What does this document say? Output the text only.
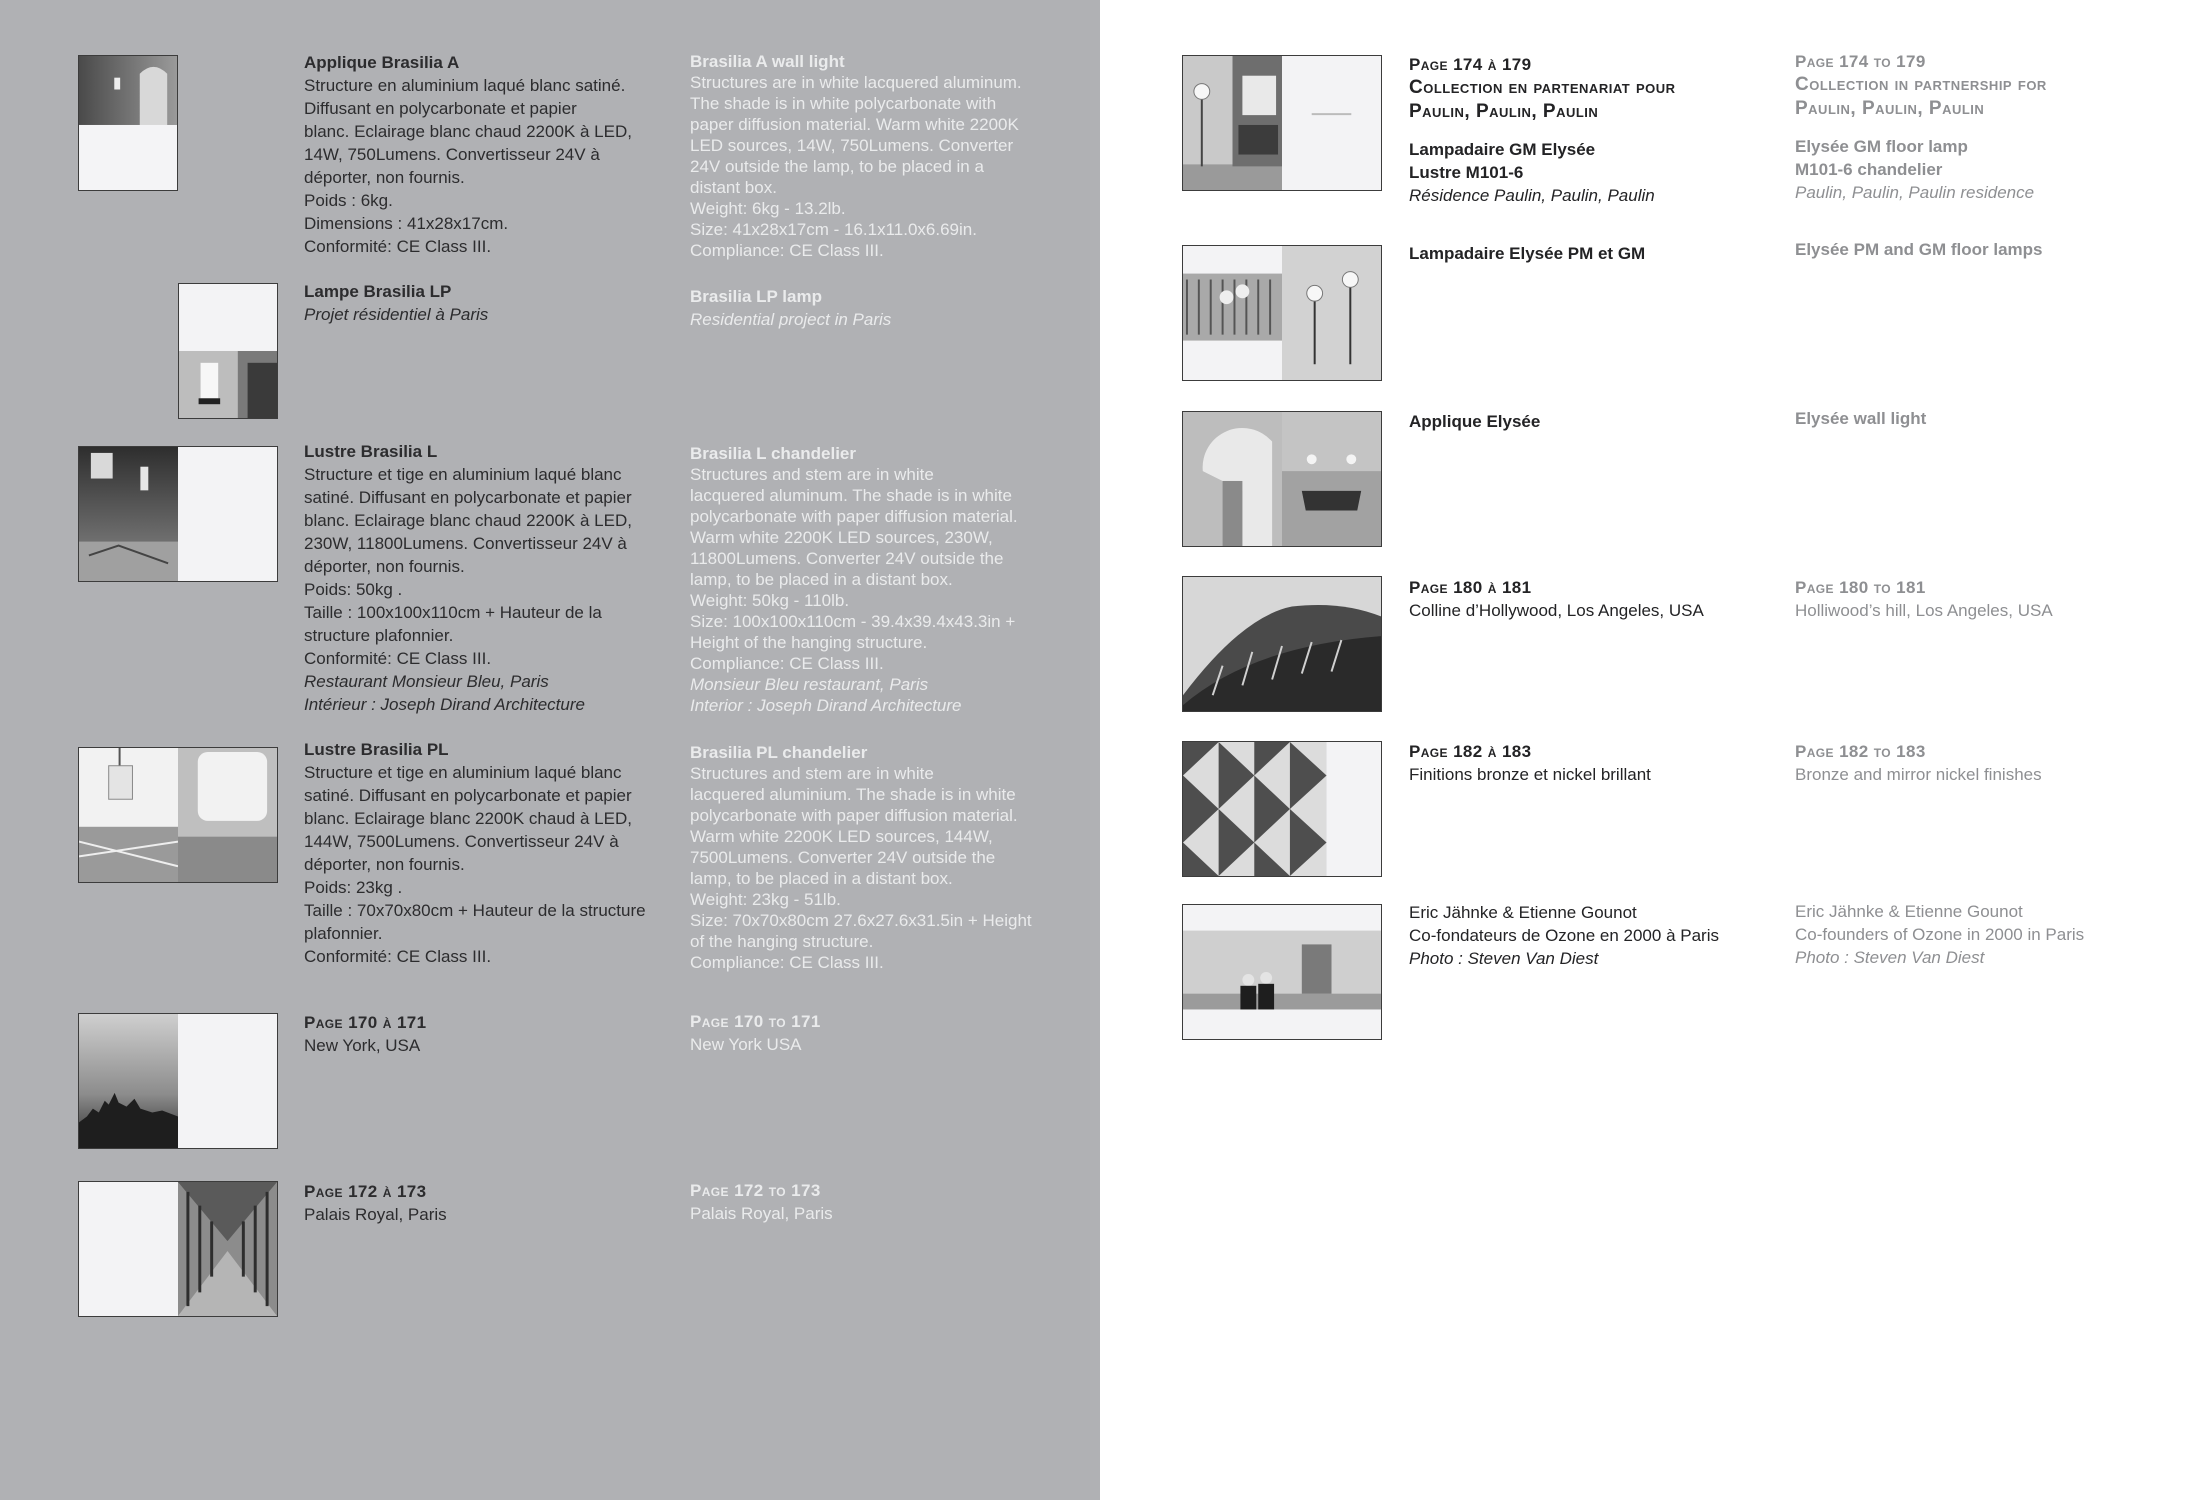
Applique Brasilia A
Structure en aluminium laqué blanc satiné.
Diffusant en polycarbonate et papier
blanc. Eclairage blanc chaud 2200K à LED,
14W, 750Lumens. Convertisseur 24V à
déporter, non fournis.
Poids : 6kg.
Dimensions : 41x28x17cm.
Conformité: CE Class III.
Brasilia A wall light
Structures are in white lacquered aluminum.
The shade is in white polycarbonate with
paper diffusion material. Warm white 2200K
LED sources, 14W, 750Lumens. Converter
24V outside the lamp, to be placed in a
distant box.
Weight: 6kg - 13.2lb.
Size: 41x28x17cm - 16.1x11.0x6.69in.
Compliance: CE Class III.
Lampe Brasilia LP
Projet résidentiel à Paris
Brasilia LP lamp
Residential project in Paris
Lustre Brasilia L
Structure et tige en aluminium laqué blanc
satiné. Diffusant en polycarbonate et papier
blanc. Eclairage blanc chaud 2200K à LED,
230W, 11800Lumens. Convertisseur 24V à
déporter, non fournis.
Poids: 50kg .
Taille : 100x100x110cm + Hauteur de la
structure plafonnier.
Conformité: CE Class III.
Restaurant Monsieur Bleu, Paris
Intérieur : Joseph Dirand Architecture
Brasilia L chandelier
Structures and stem are in white
lacquered aluminum. The shade is in white
polycarbonate with paper diffusion material.
Warm white 2200K LED sources, 230W,
11800Lumens. Converter 24V outside the
lamp, to be placed in a distant box.
Weight: 50kg - 110lb.
Size: 100x100x110cm - 39.4x39.4x43.3in +
Height of the hanging structure.
Compliance: CE Class III.
Monsieur Bleu restaurant, Paris
Interior : Joseph Dirand Architecture
Lustre Brasilia PL
Structure et tige en aluminium laqué blanc
satiné. Diffusant en polycarbonate et papier
blanc. Eclairage blanc 2200K chaud à LED,
144W, 7500Lumens. Convertisseur 24V à
déporter, non fournis.
Poids: 23kg .
Taille : 70x70x80cm + Hauteur de la structure
plafonnier.
Conformité: CE Class III.
Brasilia PL chandelier
Structures and stem are in white
lacquered aluminium. The shade is in white
polycarbonate with paper diffusion material.
Warm white 2200K LED sources, 144W,
7500Lumens. Converter 24V outside the
lamp, to be placed in a distant box.
Weight: 23kg - 51lb.
Size: 70x70x80cm 27.6x27.6x31.5in + Height
of the hanging structure.
Compliance: CE Class III.
Page 170 à 171
New York, USA
Page 170 to 171
New York USA
Page 172 à 173
Palais Royal, Paris
Page 172 to 173
Palais Royal, Paris
Page 174 à 179
Collection en partenariat pour
Paulin, Paulin, Paulin
Lampadaire GM Elysée
Lustre M101-6
Résidence Paulin, Paulin, Paulin
Page 174 to 179
Collection in partnership for
Paulin, Paulin, Paulin
Elysée GM floor lamp
M101-6 chandelier
Paulin, Paulin, Paulin residence
Lampadaire Elysée PM et GM	Elysée PM and GM floor lamps
Applique Elysée	Elysée wall light
Page 180 à 181
Colline d’Hollywood, Los Angeles, USA
Page 180 to 181
Holliwood’s hill, Los Angeles, USA
Page 182 à 183
Finitions bronze et nickel brillant
Page 182 to 183
Bronze and mirror nickel finishes
Eric Jähnke & Etienne Gounot
Co-fondateurs de Ozone en 2000 à Paris
Photo : Steven Van Diest
Eric Jähnke & Etienne Gounot
Co-founders of Ozone in 2000 in Paris
Photo : Steven Van Diest
